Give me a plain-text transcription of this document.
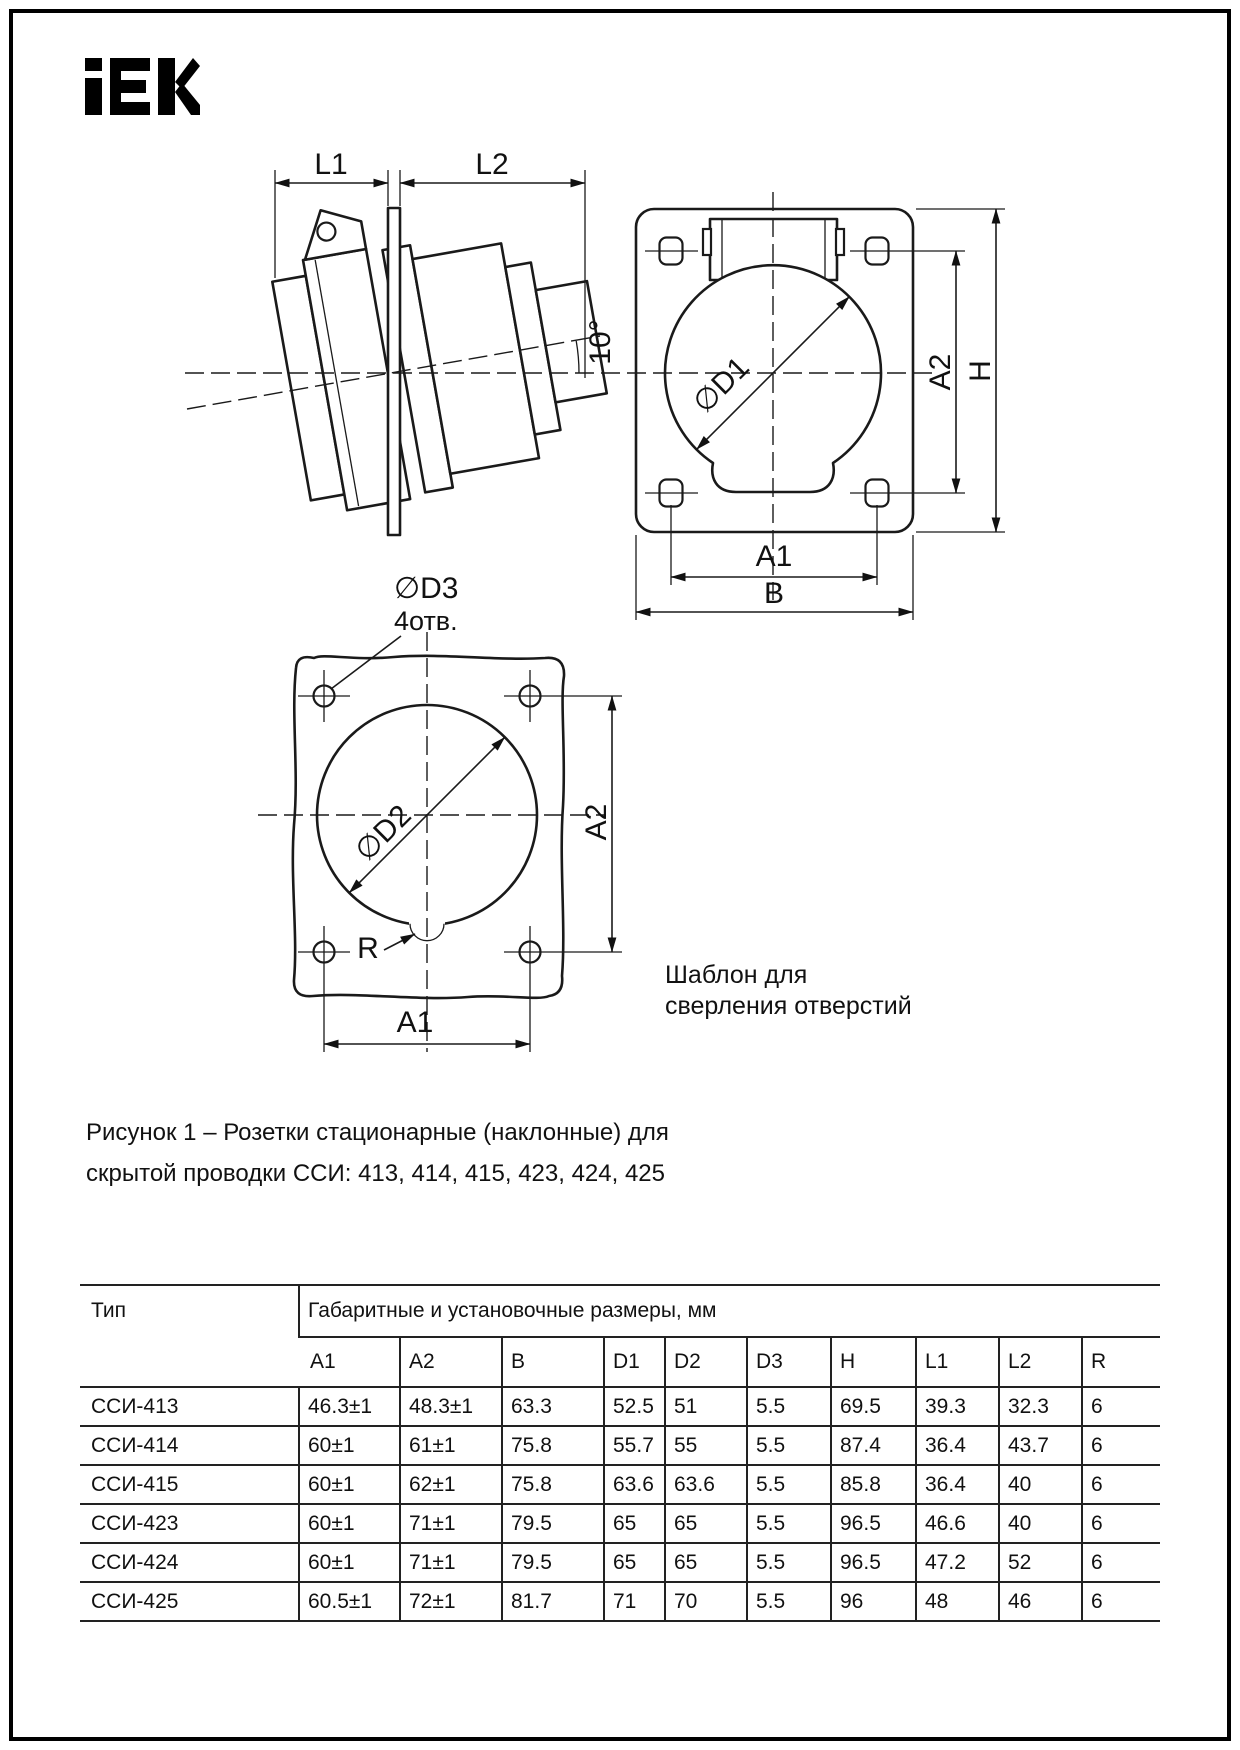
L1	L2
10°
∅D1	A2 H
A1
B
∅D3
4отв.
∅D2	A2
A1
R
Шаблон для
сверления отверстий
Рисунок 1 – Розетки стационарные (наклонные) для
скрытой проводки ССИ: 413, 414, 415, 423, 424, 425
Тип	Габаритные и установочные размеры, мм									
	A1	A2	B	D1	D2	D3	H	L1	L2	R
ССИ-413	46.3±1	48.3±1	63.3	52.5	51	5.5	69.5	39.3	32.3	6
ССИ-414	60±1	61±1	75.8	55.7	55	5.5	87.4	36.4	43.7	6
ССИ-415	60±1	62±1	75.8	63.6	63.6	5.5	85.8	36.4	40	6
ССИ-423	60±1	71±1	79.5	65	65	5.5	96.5	46.6	40	6
ССИ-424	60±1	71±1	79.5	65	65	5.5	96.5	47.2	52	6
ССИ-425	60.5±1	72±1	81.7	71	70	5.5	96	48	46	6
